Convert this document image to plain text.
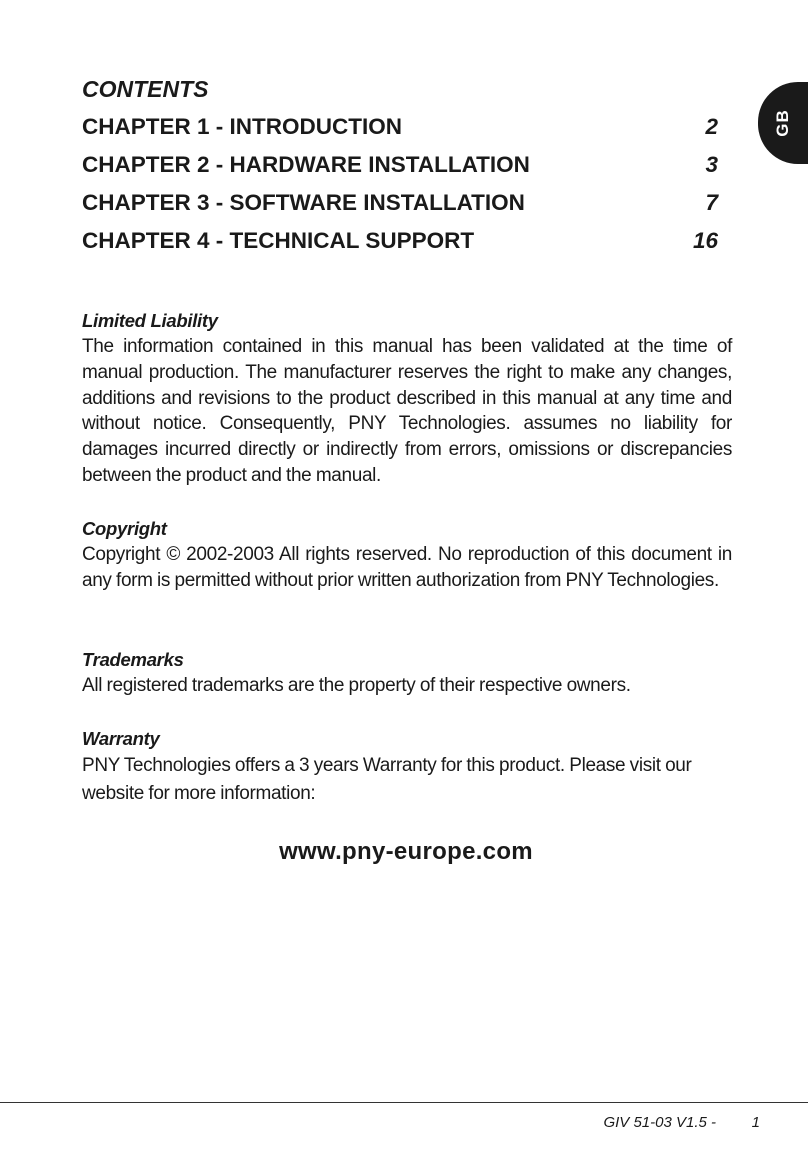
GB
CONTENTS
CHAPTER 1 - INTRODUCTION	2
CHAPTER 2 - HARDWARE INSTALLATION	3
CHAPTER 3 - SOFTWARE INSTALLATION	7
CHAPTER 4 - TECHNICAL SUPPORT	16
Limited Liability
The information contained in this manual has been validated at the time of manual production. The manufacturer reserves the right to make any changes, additions and revisions to the product described in this manual at any time and without notice. Consequently, PNY Technologies. assumes no liability for damages incurred directly or indirectly from errors, omissions or discrepancies between the product and the manual.
Copyright
Copyright © 2002-2003 All rights reserved. No reproduction of this document in any form is permitted without prior written authorization from PNY Technologies.
Trademarks
All registered trademarks are the property of their respective owners.
Warranty
PNY Technologies offers a 3 years Warranty for this product. Please visit our website for more information:
www.pny-europe.com
GIV 51-03 V1.5 -	1
